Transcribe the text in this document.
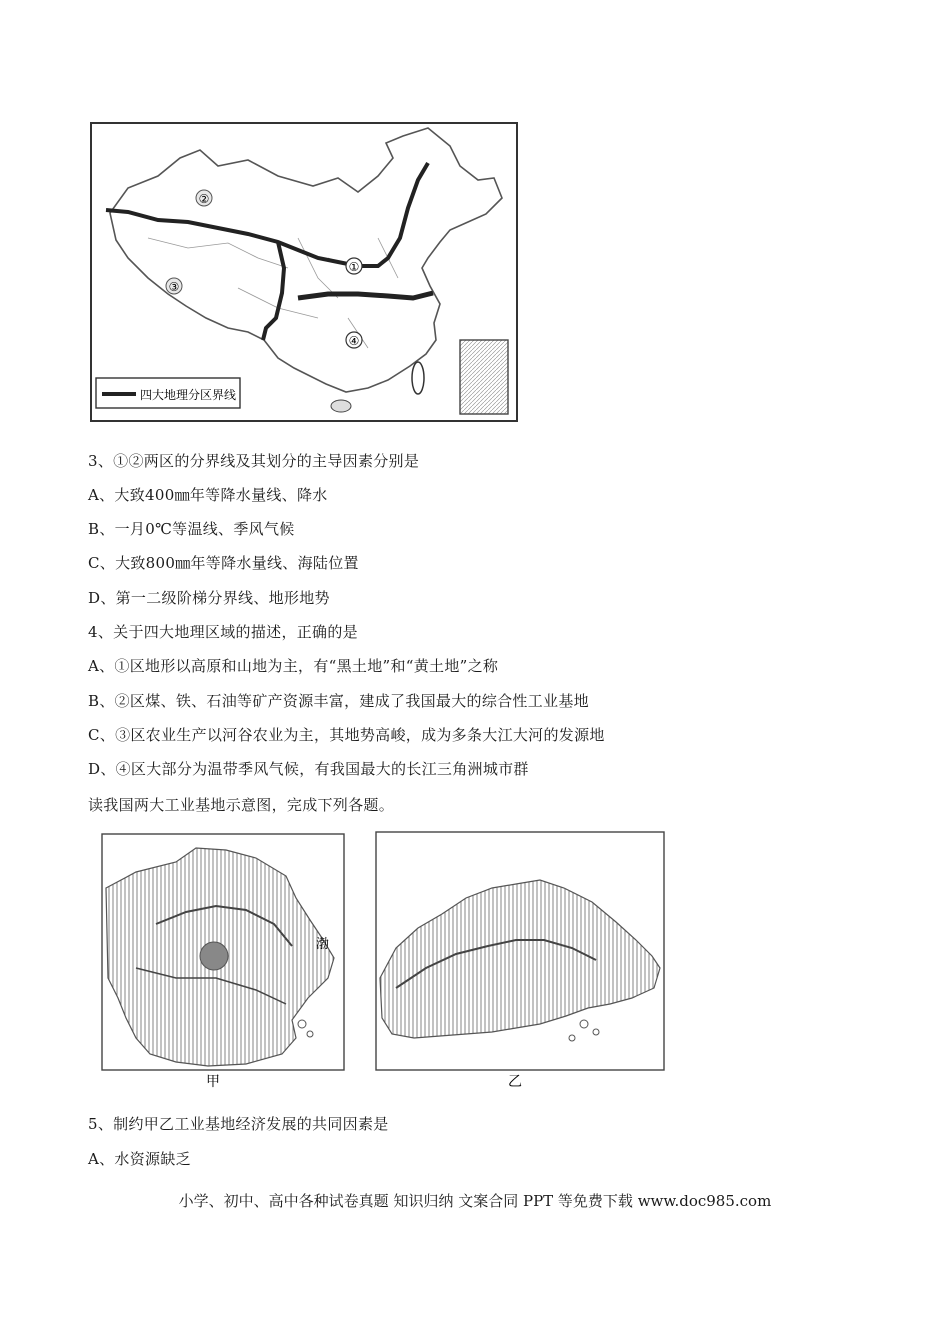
①
②
③
④
四大地理分区界线
3、①②两区的分界线及其划分的主导因素分别是
A、大致400㎜年等降水量线、降水
B、一月0℃等温线、季风气候
C、大致800㎜年等降水量线、海陆位置
D、第一二级阶梯分界线、地形地势
4、关于四大地理区域的描述，正确的是
A、①区地形以高原和山地为主，有“黑土地”和“黄土地”之称
B、②区煤、铁、石油等矿产资源丰富，建成了我国最大的综合性工业基地
C、③区农业生产以河谷农业为主，其地势高峻，成为多条大江大河的发源地
D、④区大部分为温带季风气候，有我国最大的长江三角洲城市群
读我国两大工业基地示意图，完成下列各题。
渤
甲	乙
5、制约甲乙工业基地经济发展的共同因素是
A、水资源缺乏
小学、初中、高中各种试卷真题 知识归纳 文案合同 PPT 等免费下载 www.doc985.com
